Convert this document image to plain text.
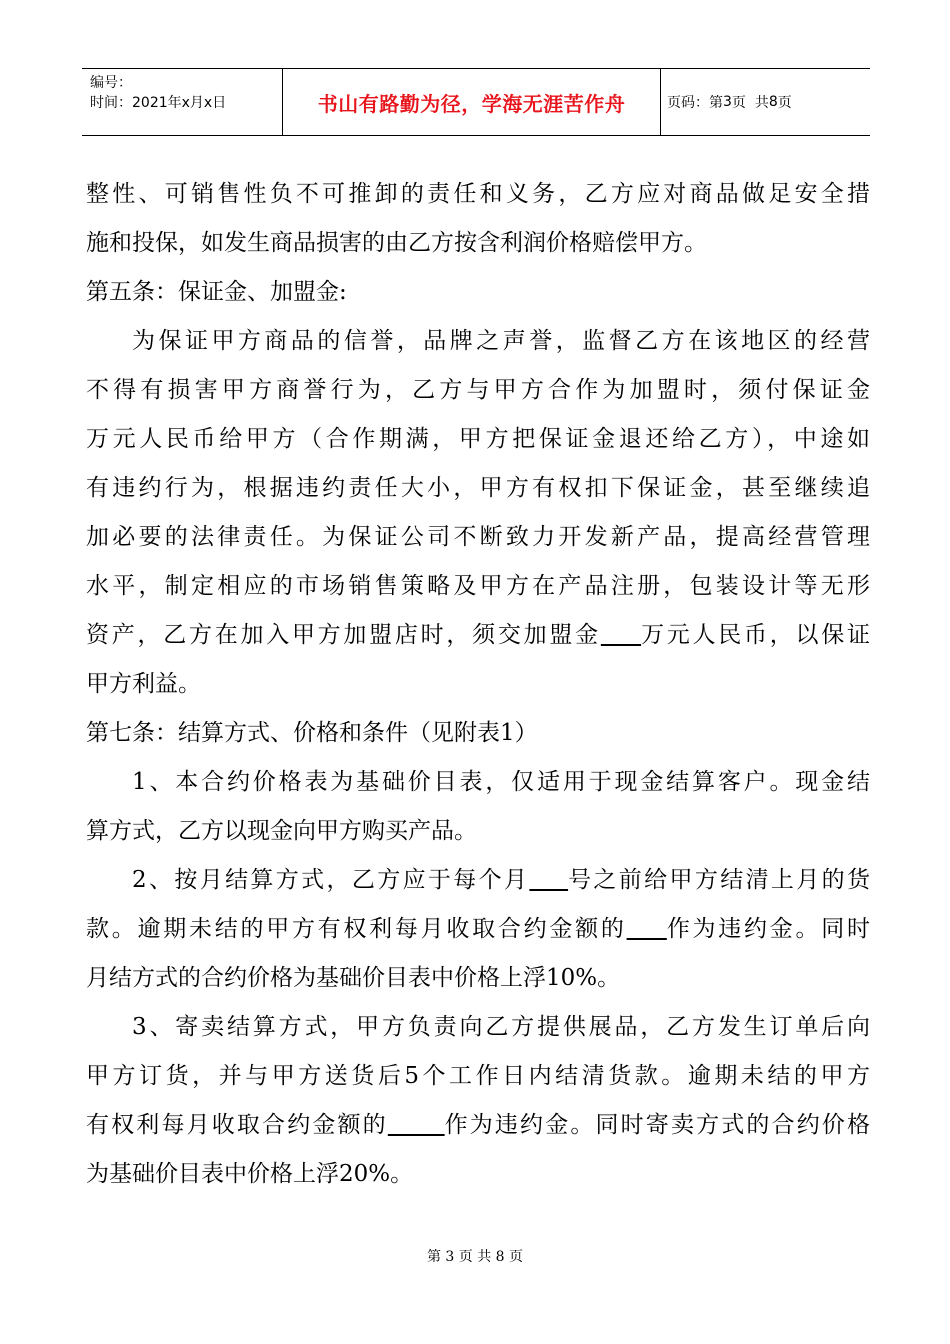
编号：
时间：2021年x月x日	书山有路勤为径，学海无涯苦作舟	页码：第 3 页  共 8 页
整性、可销售性负不可推卸的责任和义务，乙方应对商品做足安全措
施和投保，如发生商品损害的由乙方按含利润价格赔偿甲方。
第五条：保证金、加盟金:
为保证甲方商品的信誉，品牌之声誉，监督乙方在该地区的经营
不得有损害甲方商誉行为，乙方与甲方合作为加盟时，须付保证金
万元人民币给甲方（合作期满，甲方把保证金退还给乙方），中途如
有违约行为，根据违约责任大小，甲方有权扣下保证金，甚至继续追
加必要的法律责任。为保证公司不断致力开发新产品，提高经营管理
水平，制定相应的市场销售策略及甲方在产品注册，包装设计等无形
资产，乙方在加入甲方加盟店时，须交加盟金 万元人民币，以保证
甲方利益。
第七条：结算方式、价格和条件（见附表1）
1、本合约价格表为基础价目表，仅适用于现金结算客户。现金结
算方式，乙方以现金向甲方购买产品。
2、按月结算方式，乙方应于每个月 号之前给甲方结清上月的货
款。逾期未结的甲方有权利每月收取合约金额的 作为违约金。同时
月结方式的合约价格为基础价目表中价格上浮10%。
3、寄卖结算方式，甲方负责向乙方提供展品，乙方发生订单后向
甲方订货，并与甲方送货后5个工作日内结清货款。逾期未结的甲方
有权利每月收取合约金额的 作为违约金。同时寄卖方式的合约价格
为基础价目表中价格上浮20%。
第 3 页 共 8 页
